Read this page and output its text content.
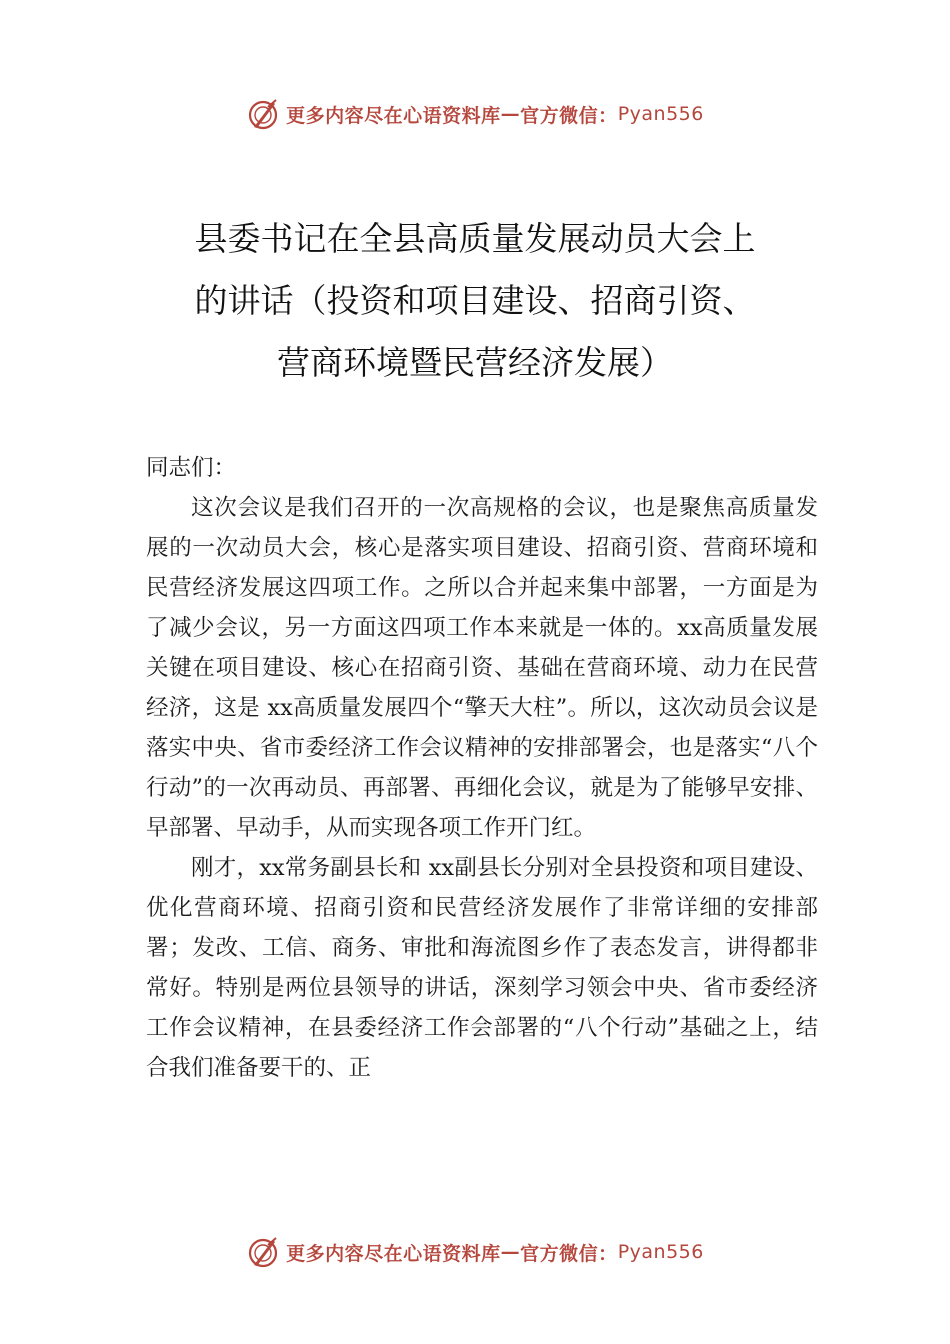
更多内容尽在心语资料库 — 官方微信： Pyan556
县委书记在全县高质量发展动员大会上
的讲话（投资和项目建设、招商引资、
营商环境暨民营经济发展）

同志们：

这次会议是我们召开的一次高规格的会议，也是聚焦高质量发展的一次动员大会，核心是落实项目建设、招商引资、营商环境和民营经济发展这四项工作。之所以合并起来集中部署，一方面是为了减少会议，另一方面这四项工作本来就是一体的。xx高质量发展关键在项目建设、核心在招商引资、基础在营商环境、动力在民营经济，这是 xx高质量发展四个“擎天大柱”。所以，这次动员会议是落实中央、省市委经济工作会议精神的安排部署会，也是落实“八个行动”的一次再动员、再部署、再细化会议，就是为了能够早安排、早部署、早动手，从而实现各项工作开门红。

刚才，xx常务副县长和 xx副县长分别对全县投资和项目建设、优化营商环境、招商引资和民营经济发展作了非常详细的安排部署；发改、工信、商务、审批和海流图乡作了表态发言，讲得都非常好。特别是两位县领导的讲话，深刻学习领会中央、省市委经济工作会议精神，在县委经济工作会部署的“八个行动”基础之上，结合我们准备要干的、正

更多内容尽在心语资料库 — 官方微信： Pyan556
